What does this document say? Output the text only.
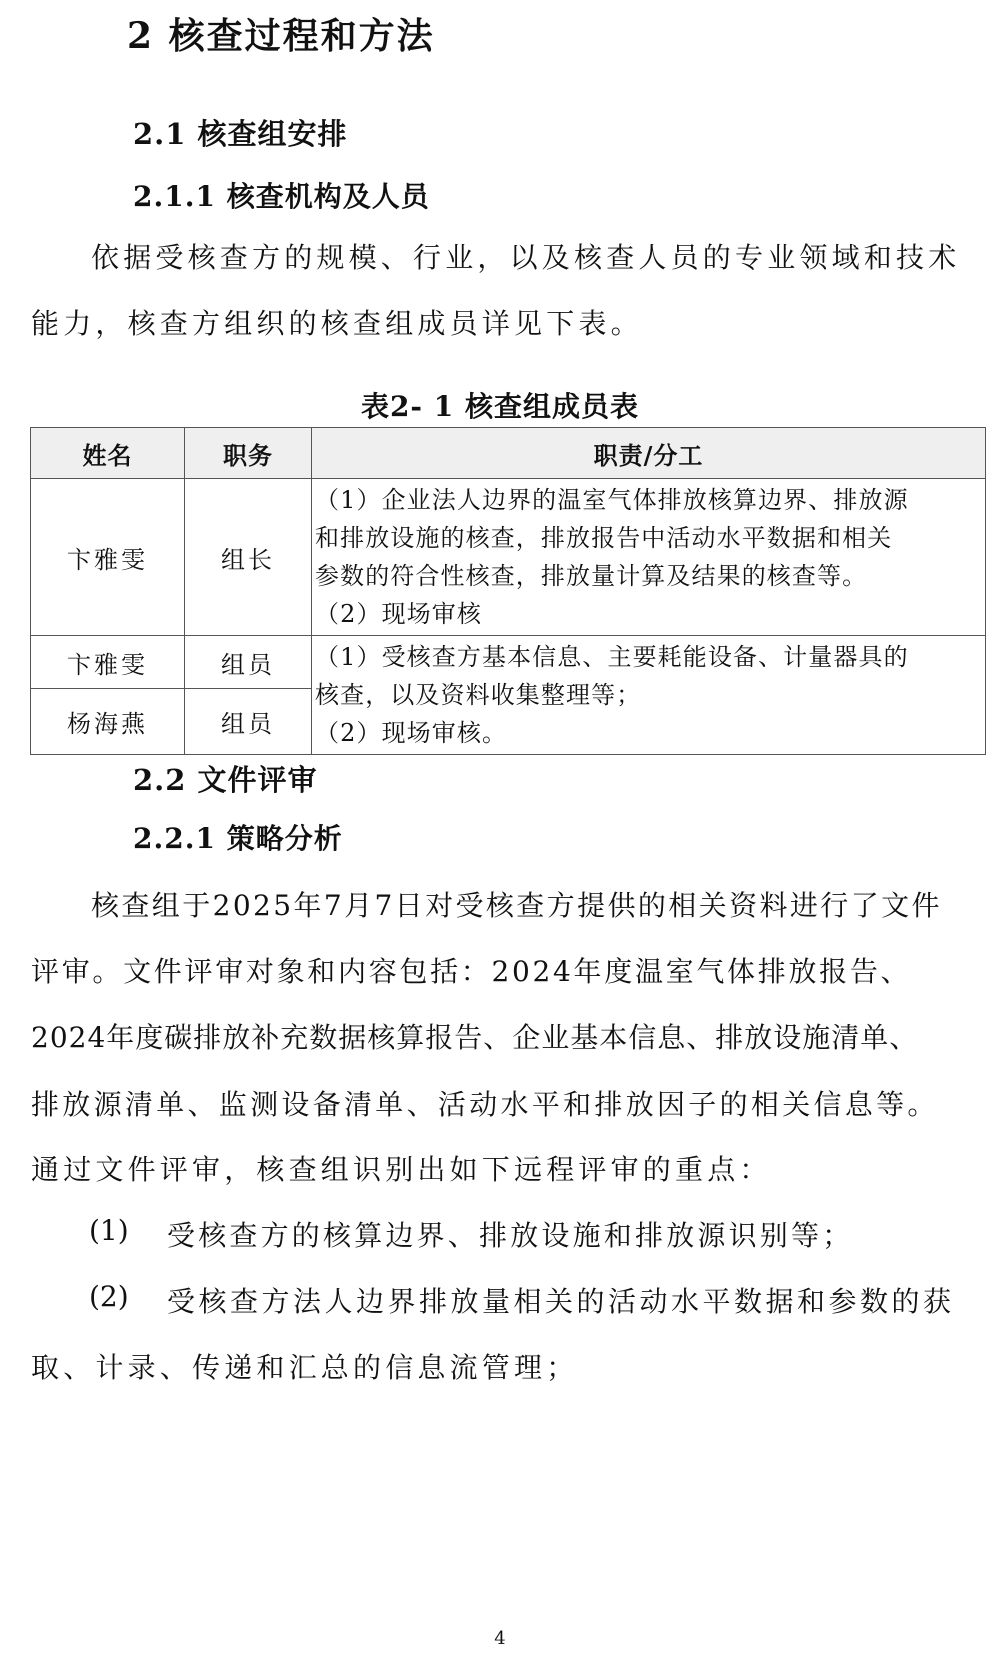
2 核查过程和方法
2.1 核查组安排
2.1.1 核查机构及人员
依据受核查方的规模、行业，以及核查人员的专业领域和技术
能力，核查方组织的核查组成员详见下表。
表2- 1 核查组成员表
姓名	职务	职责/分工
卞雅雯	组长	（1）企业法人边界的温室气体排放核算边界、排放源
和排放设施的核查，排放报告中活动水平数据和相关
参数的符合性核查，排放量计算及结果的核查等。
（2）现场审核

卞雅雯	组员	（1）受核查方基本信息、主要耗能设备、计量器具的
核查，以及资料收集整理等；
（2）现场审核。

杨海燕	组员	
2.2 文件评审
2.2.1 策略分析
核查组于2025年7月7日对受核查方提供的相关资料进行了文件
评审。文件评审对象和内容包括：2024年度温室气体排放报告、
2024年度碳排放补充数据核算报告、企业基本信息、排放设施清单、
排放源清单、监测设备清单、活动水平和排放因子的相关信息等。
通过文件评审，核查组识别出如下远程评审的重点：
(1) 受核查方的核算边界、排放设施和排放源识别等；
(2) 受核查方法人边界排放量相关的活动水平数据和参数的获
取、计录、传递和汇总的信息流管理；
4
